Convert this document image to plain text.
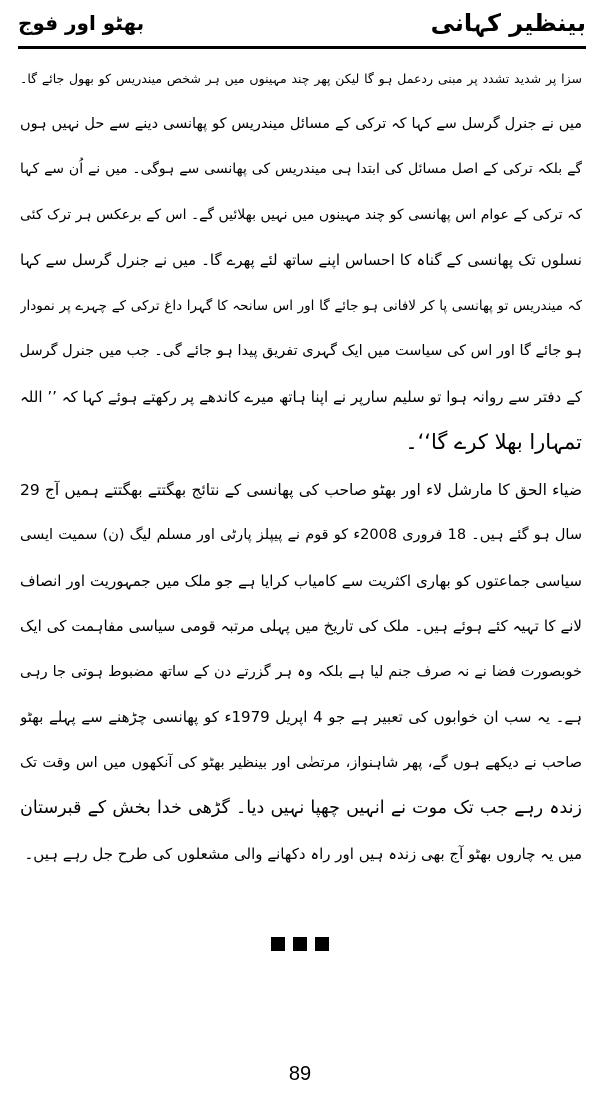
بینظیر کہانی
بھٹو اور فوج
سزا پر شدید تشدد پر مبنی ردعمل ہو گا لیکن پھر چند مہینوں میں ہر شخص میندریس کو بھول جائے گا۔
میں نے جنرل گرسل سے کہا کہ ترکی کے مسائل میندریس کو پھانسی دینے سے حل نہیں ہوں
گے بلکہ ترکی کے اصل مسائل کی ابتدا ہی میندریس کی پھانسی سے ہوگی۔ میں نے اُن سے کہا
کہ ترکی کے عوام اس پھانسی کو چند مہینوں میں نہیں بھلائیں گے۔ اس کے برعکس ہر ترک کئی
نسلوں تک پھانسی کے گناہ کا احساس اپنے ساتھ لئے پھرے گا۔ میں نے جنرل گرسل سے کہا
کہ میندریس تو پھانسی پا کر لافانی ہو جائے گا اور اس سانحہ کا گہرا داغ ترکی کے چہرے پر نمودار
ہو جائے گا اور اس کی سیاست میں ایک گہری تفریق پیدا ہو جائے گی۔ جب میں جنرل گرسل
کے دفتر سے روانہ ہوا تو سلیم سارپر نے اپنا ہاتھ میرے کاندھے پر رکھتے ہوئے کہا کہ ’’ اللہ
تمہارا بھلا کرے گا‘‘۔
ضیاء الحق کا مارشل لاء اور بھٹو صاحب کی پھانسی کے نتائج بھگتتے بھگتتے ہمیں آج 29
سال ہو گئے ہیں۔ 18 فروری 2008ء کو قوم نے پیپلز پارٹی اور مسلم لیگ (ن) سمیت ایسی
سیاسی جماعتوں کو بھاری اکثریت سے کامیاب کرایا ہے جو ملک میں جمہوریت اور انصاف
لانے کا تہیہ کئے ہوئے ہیں۔ ملک کی تاریخ میں پہلی مرتبہ قومی سیاسی مفاہمت کی ایک
خوبصورت فضا نے نہ صرف جنم لیا ہے بلکہ وہ ہر گزرتے دن کے ساتھ مضبوط ہوتی جا رہی
ہے۔ یہ سب ان خوابوں کی تعبیر ہے جو 4 اپریل 1979ء کو پھانسی چڑھنے سے پہلے بھٹو
صاحب نے دیکھے ہوں گے، پھر شاہنواز، مرتضٰی اور بینظیر بھٹو کی آنکھوں میں اس وقت تک
زندہ رہے جب تک موت نے انہیں چھپا نہیں دیا۔ گڑھی خدا بخش کے قبرستان
میں یہ چاروں بھٹو آج بھی زندہ ہیں اور راہ دکھانے والی مشعلوں کی طرح جل رہے ہیں۔
89
